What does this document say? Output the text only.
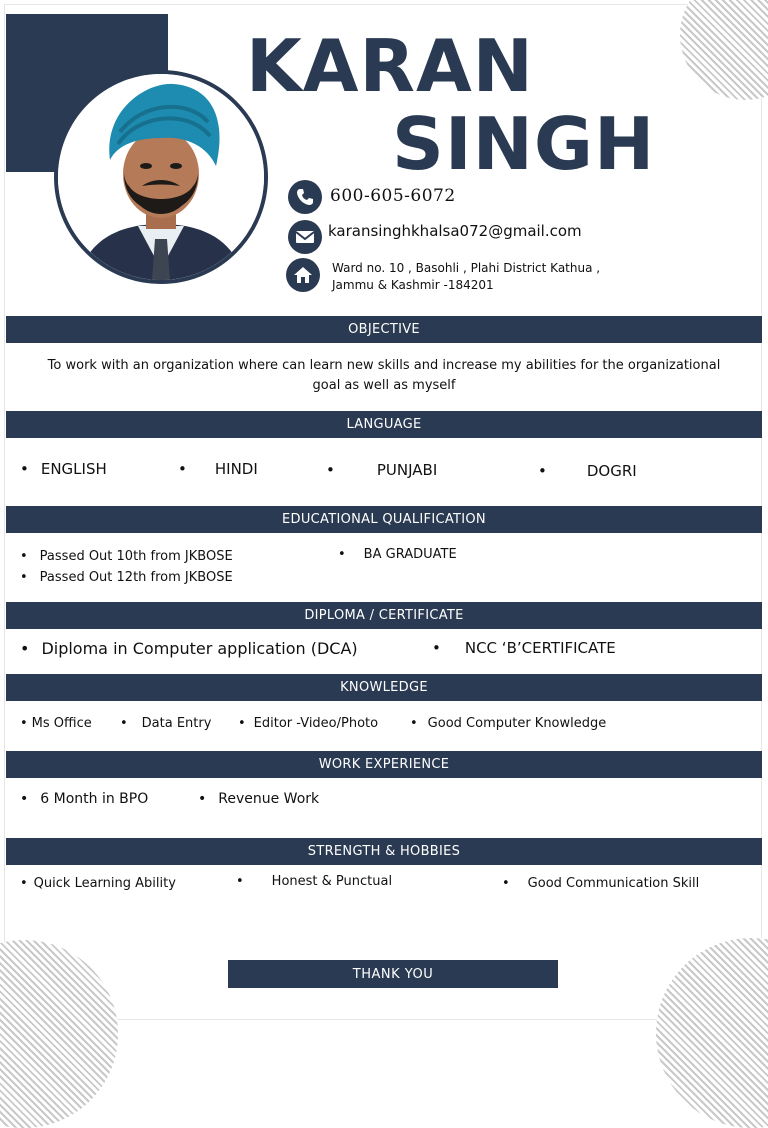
KARAN
SINGH
600-605-6072
karansinghkhalsa072@gmail.com
Ward no. 10 , Basohli , Plahi District Kathua ,
Jammu & Kashmir -184201
OBJECTIVE
To work with an organization where can learn new skills and increase my abilities for the organizational
goal as well as myself
LANGUAGE
• ENGLISH	• HINDI	•	PUNJABI	•	DOGRI
EDUCATIONAL QUALIFICATION
• Passed Out 10th from JKBOSE
• Passed Out 12th from JKBOSE
• BA GRADUATE
DIPLOMA / CERTIFICATE
• Diploma in Computer application (DCA)	• NCC ‘B’CERTIFICATE
KNOWLEDGE
• Ms Office • Data Entry • Editor -Video/Photo • Good Computer Knowledge
WORK EXPERIENCE
• 6 Month in BPO	• Revenue Work
STRENGTH & HOBBIES
• Quick Learning Ability	• Honest & Punctual	• Good Communication Skill
THANK YOU
